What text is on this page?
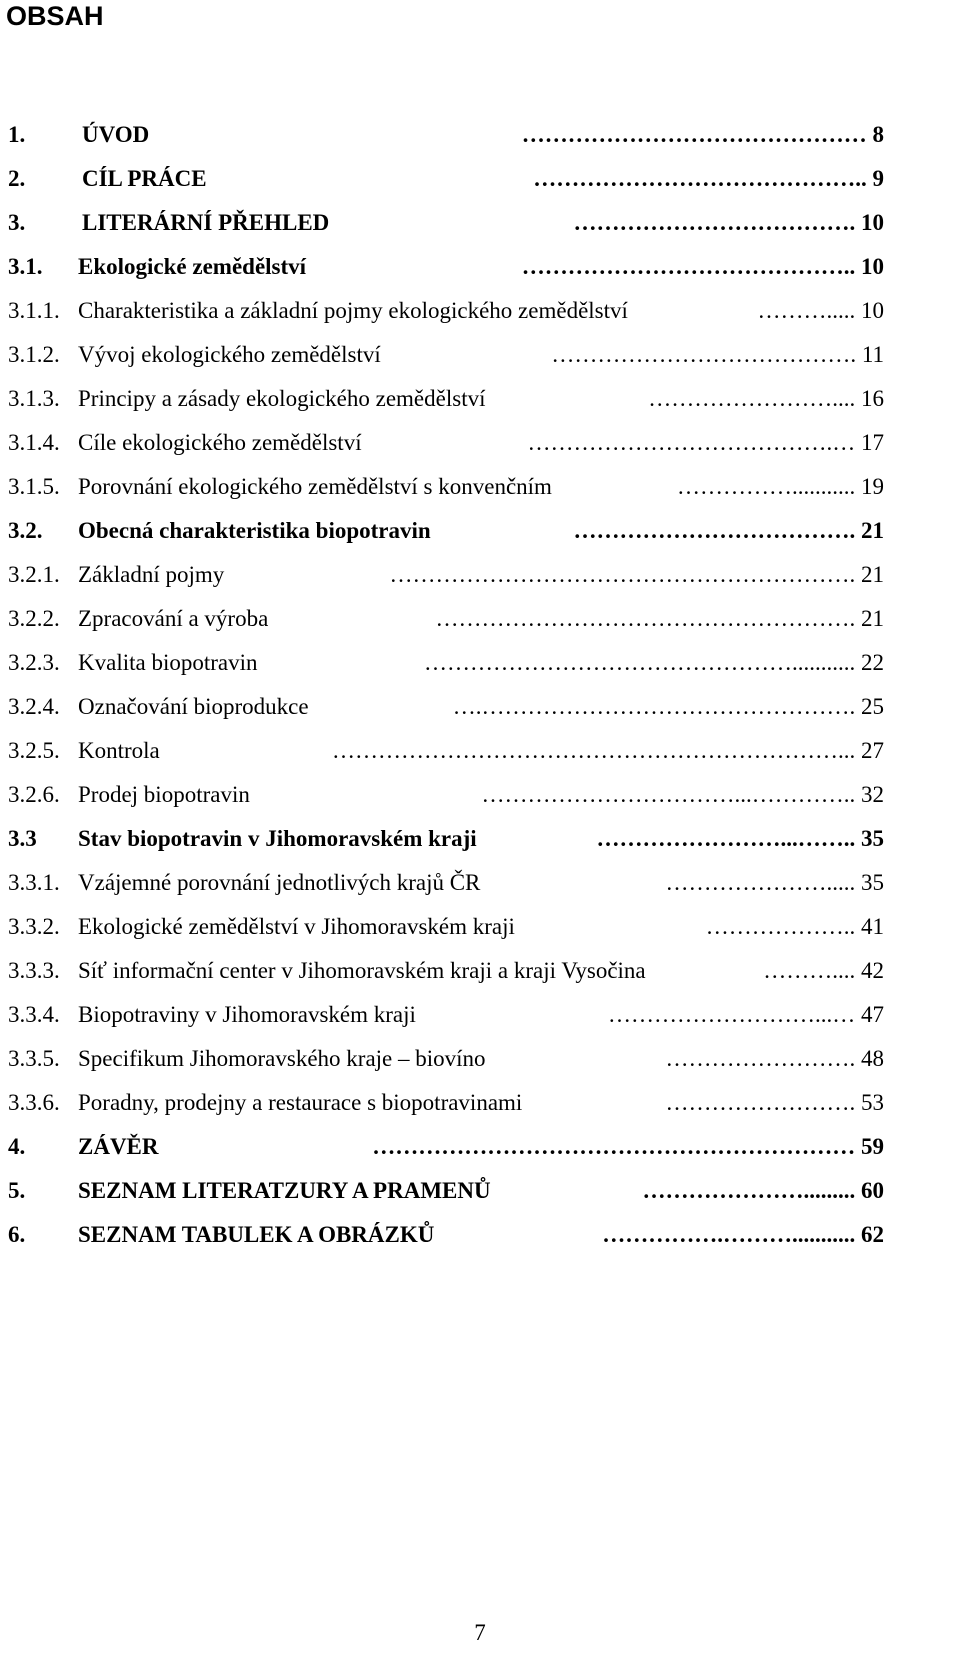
OBSAH
1. ÚVOD	……………………………………… 8
2. CÍL PRÁCE	…………………………………….. 9
3. LITERÁRNÍ PŘEHLED	………………………………. 10
3.1. Ekologické zemědělství	…………………………………….. 10
3.1.1. Charakteristika a základní pojmy ekologického zemědělství	………..... 10
3.1.2. Vývoj ekologického zemědělství	…………………………………. 11
3.1.3. Principy a zásady ekologického zemědělství	…………………….... 16
3.1.4. Cíle ekologického zemědělství	………………………………….… 17
3.1.5. Porovnání ekologického zemědělství s konvenčním	……………........... 19
3.2. Obecná charakteristika biopotravin	………………………………. 21
3.2.1. Základní pojmy	……………………………………………………. 21
3.2.2. Zpracování a výroba	………………………………………………. 21
3.2.3. Kvalita biopotravin	…………………………………………........... 22
3.2.4. Označování bioprodukce	….…………………………………………. 25
3.2.5. Kontrola	…………………………………………………………... 27
3.2.6. Prodej biopotravin	……………………………...………….. 32
3.3 Stav biopotravin v Jihomoravském kraji	……………………...…….. 35
3.3.1. Vzájemné porovnání jednotlivých krajů ČR	…………………..... 35
3.3.2. Ekologické zemědělství v Jihomoravském kraji	……………….. 41
3.3.3. Síť informační center v Jihomoravském kraji a kraji Vysočina	……….... 42
3.3.4. Biopotraviny v Jihomoravském kraji	………………………...… 47
3.3.5. Specifikum Jihomoravského kraje – biovíno	……………………. 48
3.3.6. Poradny, prodejny a restaurace s biopotravinami	……………………. 53
4. ZÁVĚR	……………………………………………………… 59
5. SEZNAM LITERATZURY A PRAMENŮ	…………………......... 60
6. SEZNAM TABULEK A OBRÁZKŮ	…………….………........... 62
7
